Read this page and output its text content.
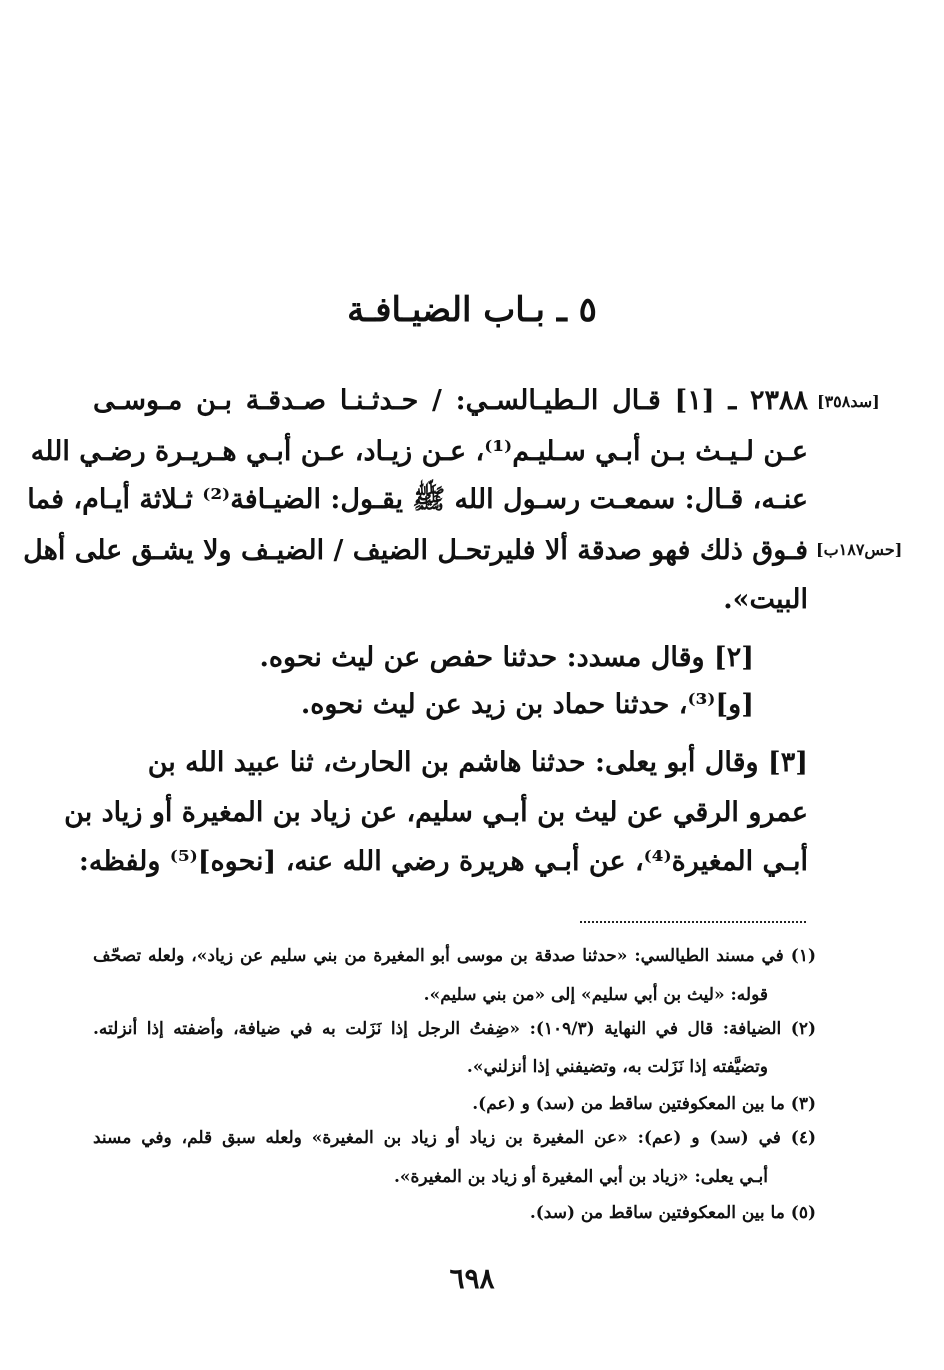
٥ ـ بـاب الضيـافـة
[سد٣٥٨]
[حس١٨٧ب]
٢٣٨٨ ـ [١] قـال الـطيـالسـي: / حـدثـنـا صـدقـة بـن مـوسـى
عـن لـيـث بـن أبـي سـليـم⁽¹⁾، عـن زيـاد، عـن أبـي هـريـرة رضـي الله
عنـه، قـال: سمعـت رسـول الله ﷺ يقـول: الضيـافة⁽²⁾ ثـلاثة أيـام، فما
فـوق ذلك فهو صدقة ألا فليرتحـل الضيف / الضيـف ولا يشـق على أهل
البيت».
[٢] وقال مسدد: حدثنا حفص عن ليث نحوه.
[و]⁽³⁾، حدثنا حماد بن زيد عن ليث نحوه.
[٣] وقال أبو يعلى: حدثنا هاشم بن الحارث، ثنا عبيد الله بن
عمرو الرقي عن ليث بن أبـي سليم، عن زياد بن المغيرة أو زياد بن
أبـي المغيرة⁽⁴⁾، عن أبـي هريرة رضي الله عنه، [نحوه]⁽⁵⁾ ولفظه:
(١) في مسند الطيالسي: «حدثنا صدقة بن موسى أبو المغيرة من بني سليم عن زياد»، ولعله تصحّف
قوله: «ليث بن أبي سليم» إلى «من بني سليم».
(٢) الضيافة: قال في النهاية (١٠٩/٣): «ضِفتُ الرجل إذا نَزَلت به في ضيافة، وأضفته إذا أنزلته.
وتضيَّفته إذا نَزَلت به، وتضيفني إذا أنزلني».
(٣) ما بين المعكوفتين ساقط من (سد) و (عم).
(٤) في (سد) و (عم): «عن المغيرة بن زياد أو زياد بن المغيرة» ولعله سبق قلم، وفي مسند
أبـي يعلى: «زياد بن أبي المغيرة أو زياد بن المغيرة».
(٥) ما بين المعكوفتين ساقط من (سد).
٦٩٨
